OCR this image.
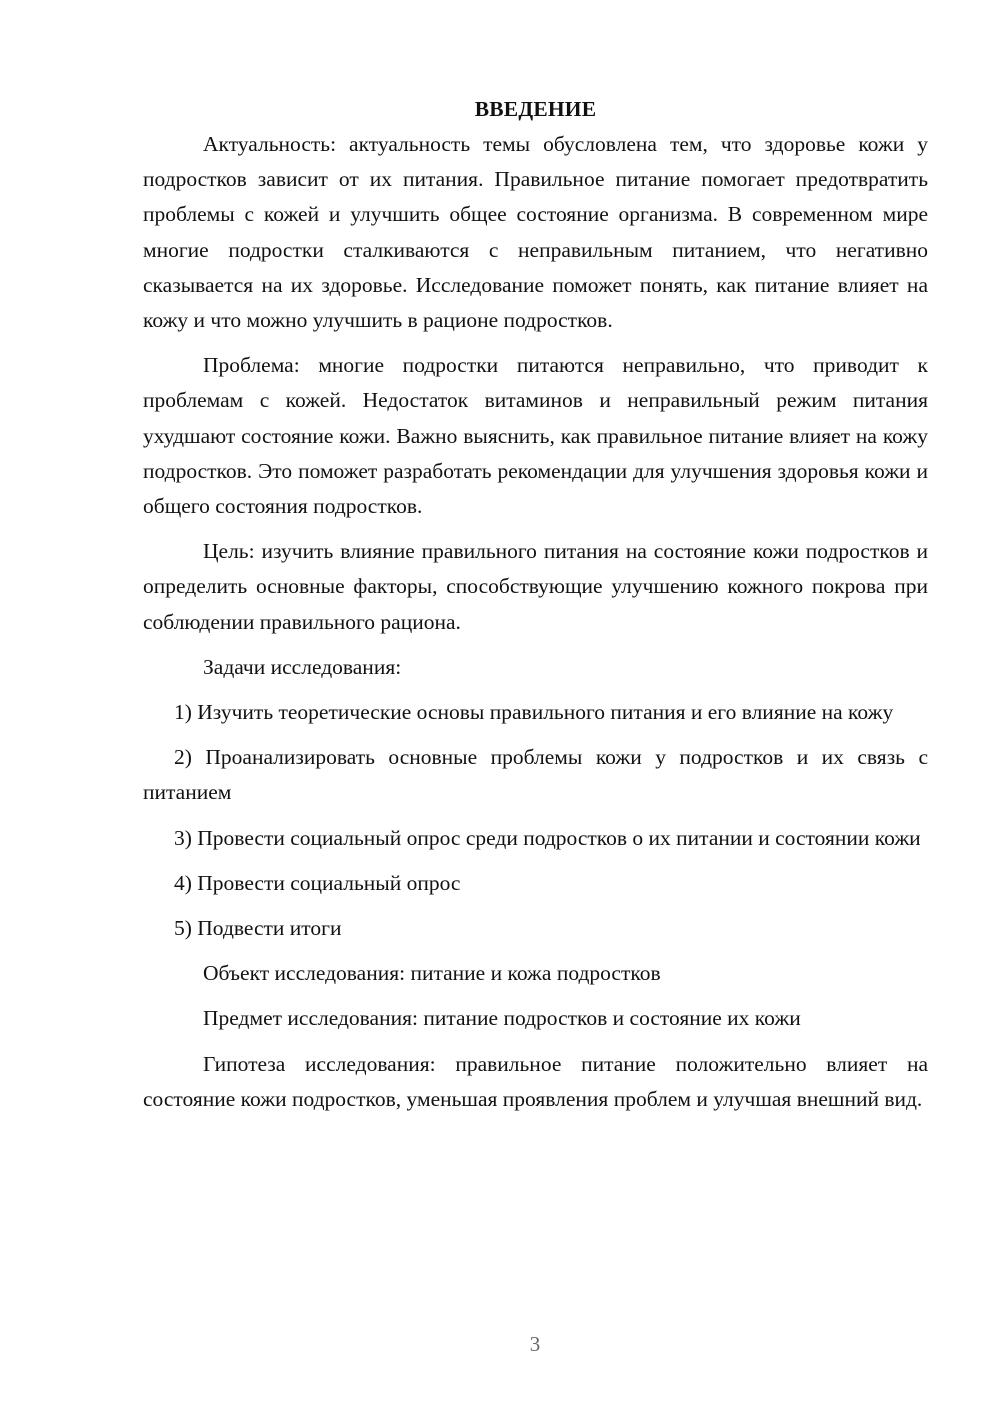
ВВЕДЕНИЕ

Актуальность: актуальность темы обусловлена тем, что здоровье кожи у подростков зависит от их питания. Правильное питание помогает предотвратить проблемы с кожей и улучшить общее состояние организма. В современном мире многие подростки сталкиваются с неправильным питанием, что негативно сказывается на их здоровье. Исследование поможет понять, как питание влияет на кожу и что можно улучшить в рационе подростков.

Проблема: многие подростки питаются неправильно, что приводит к проблемам с кожей. Недостаток витаминов и неправильный режим питания ухудшают состояние кожи. Важно выяснить, как правильное питание влияет на кожу подростков. Это поможет разработать рекомендации для улучшения здоровья кожи и общего состояния подростков.

Цель: изучить влияние правильного питания на состояние кожи подростков и определить основные факторы, способствующие улучшению кожного покрова при соблюдении правильного рациона.

Задачи исследования:

1) Изучить теоретические основы правильного питания и его влияние на кожу

2) Проанализировать основные проблемы кожи у подростков и их связь с питанием

3) Провести социальный опрос среди подростков о их питании и состоянии кожи

4) Провести социальный опрос

5) Подвести итоги

Объект исследования: питание и кожа подростков

Предмет исследования: питание подростков и состояние их кожи

Гипотеза исследования: правильное питание положительно влияет на состояние кожи подростков, уменьшая проявления проблем и улучшая внешний вид.

3
